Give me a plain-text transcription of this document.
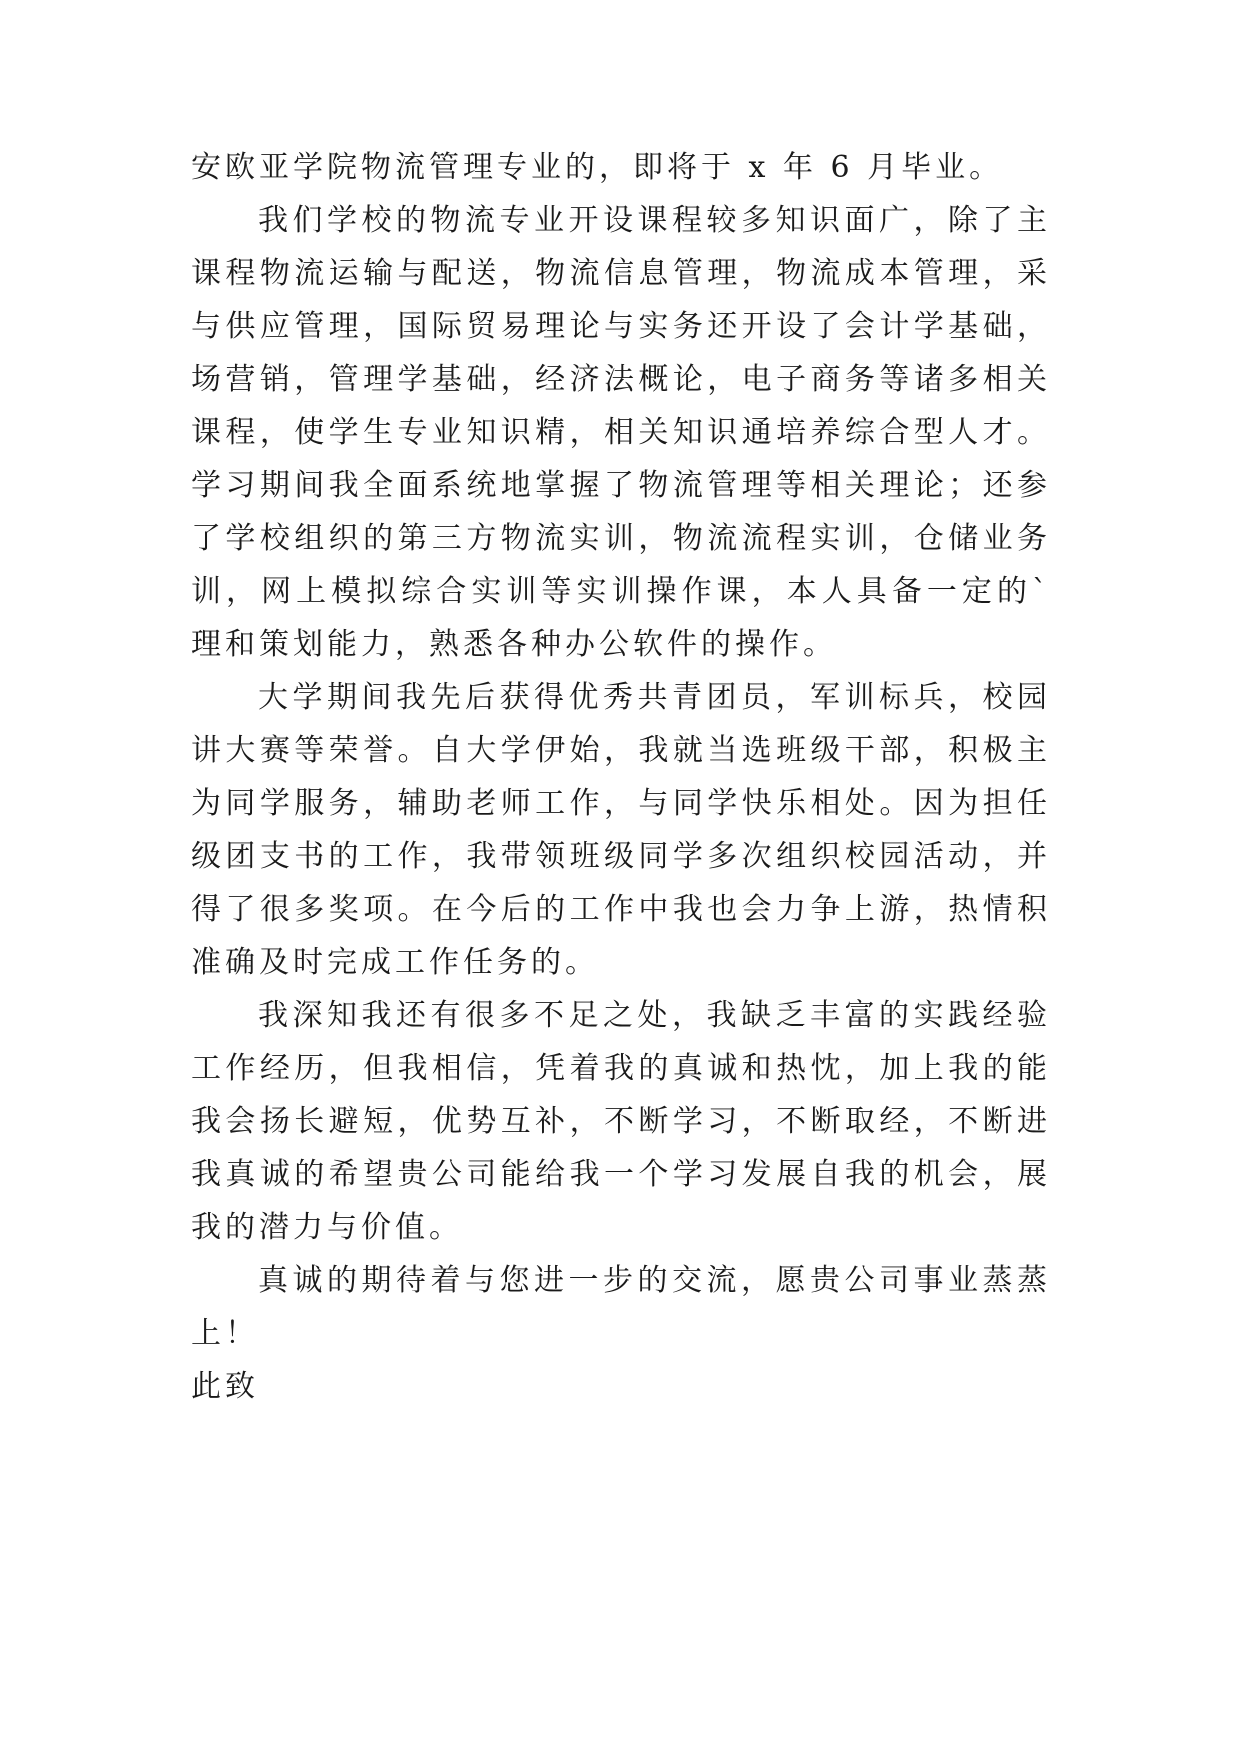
安欧亚学院物流管理专业的，即将于 x 年 6 月毕业。

我们学校的物流专业开设课程较多知识面广，除了主

课程物流运输与配送，物流信息管理，物流成本管理，采

与供应管理，国际贸易理论与实务还开设了会计学基础，

场营销，管理学基础，经济法概论，电子商务等诸多相关

课程，使学生专业知识精，相关知识通培养综合型人才。

学习期间我全面系统地掌握了物流管理等相关理论；还参

了学校组织的第三方物流实训，物流流程实训，仓储业务

训，网上模拟综合实训等实训操作课，本人具备一定的`

理和策划能力，熟悉各种办公软件的操作。

大学期间我先后获得优秀共青团员，军训标兵，校园

讲大赛等荣誉。自大学伊始，我就当选班级干部，积极主

为同学服务，辅助老师工作，与同学快乐相处。因为担任

级团支书的工作，我带领班级同学多次组织校园活动，并

得了很多奖项。在今后的工作中我也会力争上游，热情积

准确及时完成工作任务的。

我深知我还有很多不足之处，我缺乏丰富的实践经验

工作经历，但我相信，凭着我的真诚和热忱，加上我的能

我会扬长避短，优势互补，不断学习，不断取经，不断进

我真诚的希望贵公司能给我一个学习发展自我的机会，展

我的潜力与价值。

真诚的期待着与您进一步的交流，愿贵公司事业蒸蒸

上！

此致
